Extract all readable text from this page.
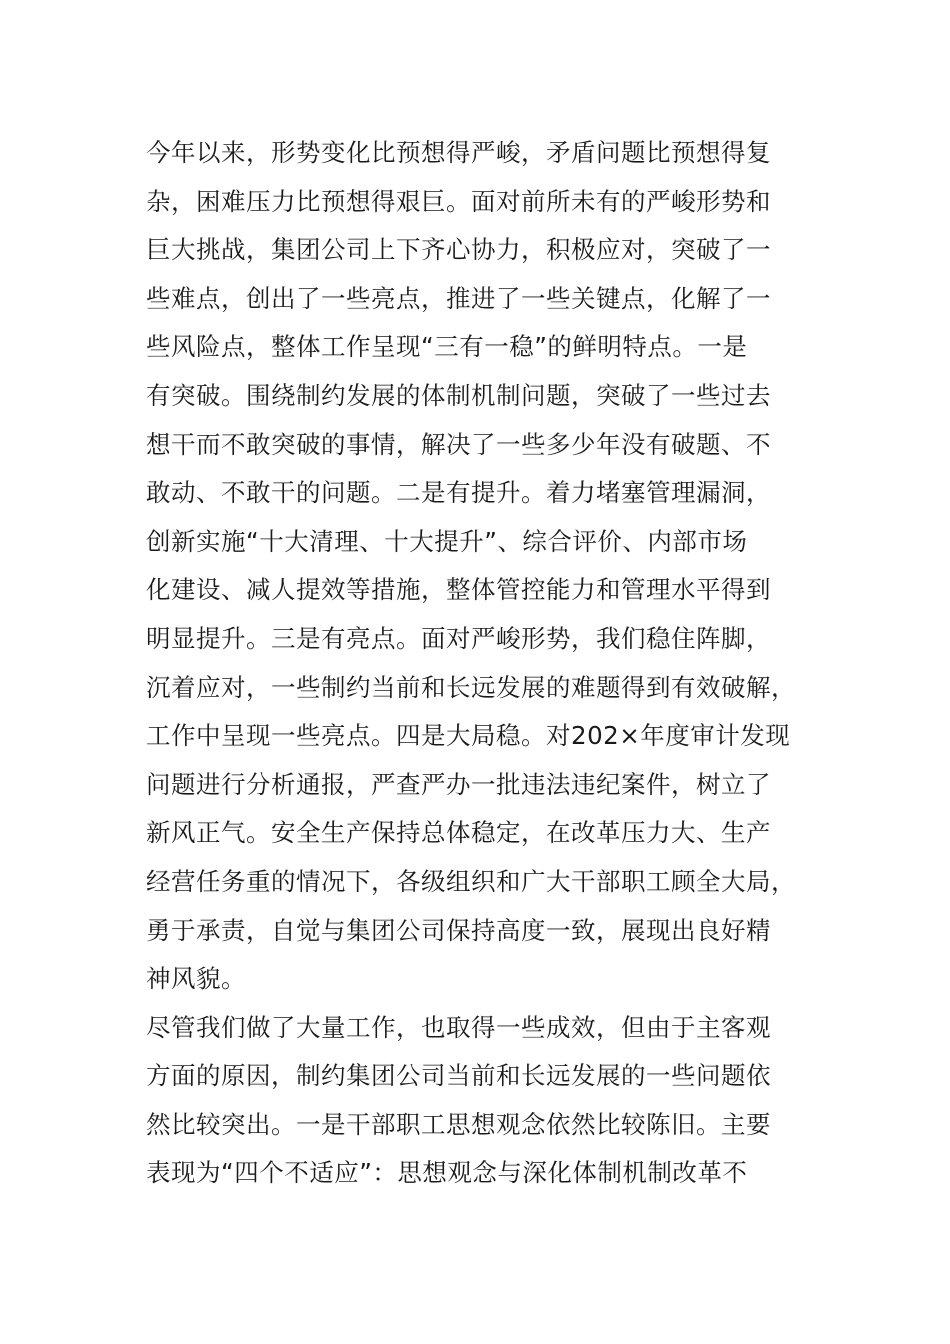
今年以来，形势变化比预想得严峻，矛盾问题比预想得复
杂，困难压力比预想得艰巨。面对前所未有的严峻形势和
巨大挑战，集团公司上下齐心协力，积极应对，突破了一
些难点，创出了一些亮点，推进了一些关键点，化解了一
些风险点，整体工作呈现“三有一稳”的鲜明特点。一是
有突破。围绕制约发展的体制机制问题，突破了一些过去
想干而不敢突破的事情，解决了一些多少年没有破题、不
敢动、不敢干的问题。二是有提升。着力堵塞管理漏洞，
创新实施“十大清理、十大提升”、综合评价、内部市场
化建设、减人提效等措施，整体管控能力和管理水平得到
明显提升。三是有亮点。面对严峻形势，我们稳住阵脚，
沉着应对，一些制约当前和长远发展的难题得到有效破解，
工作中呈现一些亮点。四是大局稳。对202×年度审计发现
问题进行分析通报，严查严办一批违法违纪案件，树立了
新风正气。安全生产保持总体稳定，在改革压力大、生产
经营任务重的情况下，各级组织和广大干部职工顾全大局，
勇于承责，自觉与集团公司保持高度一致，展现出良好精
神风貌。
尽管我们做了大量工作，也取得一些成效，但由于主客观
方面的原因，制约集团公司当前和长远发展的一些问题依
然比较突出。一是干部职工思想观念依然比较陈旧。主要
表现为“四个不适应”：思想观念与深化体制机制改革不
